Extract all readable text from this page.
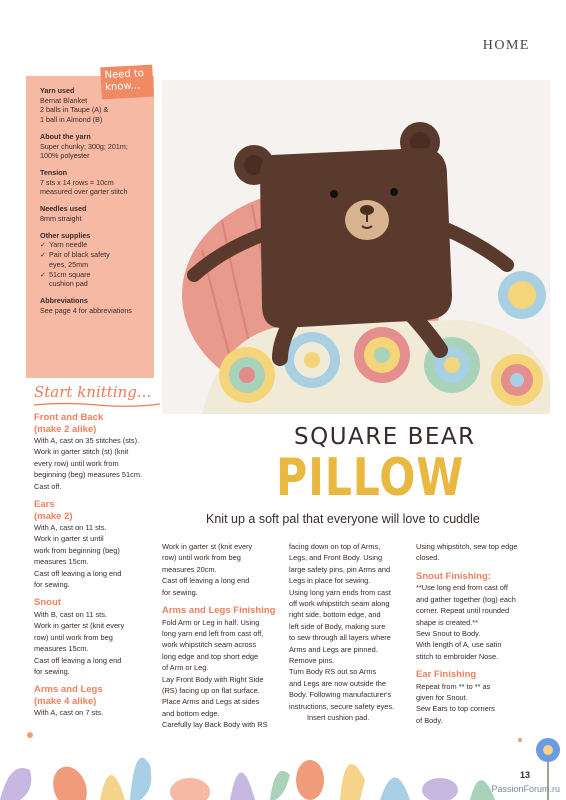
HOME
Yarn used

Bernat Blanket
2 balls in Taupe (A) &
1 ball in Almond (B)

About the yarn

Super chunky; 300g; 201m;
100% polyester

Tension

7 sts x 14 rows = 10cm
measured over garter stitch

Needles used

8mm straight

Other supplies
✓ Yarn needle
✓ Pair of black safety
eyes, 25mm
✓ 51cm square
cushion pad
Abbreviations

See page 4 for abbreviations

Need to know...
SQUARE BEAR
PILLOW
Knit up a soft pal that everyone will love to cuddle
Start knitting...

Front and Back
(make 2 alike)

With A, cast on 35 stitches (sts).
Work in garter stitch (st) (knit
every row) until work from
beginning (beg) measures 51cm.
Cast off.

Ears
(make 2)

With A, cast on 11 sts.
Work in garter st until
work from beginning (beg)
measures 15cm.
Cast off leaving a long end
for sewing.

Snout

With B, cast on 11 sts.
Work in garter st (knit every
row) until work from beg
measures 15cm.
Cast off leaving a long end
for sewing.

Arms and Legs
(make 4 alike)

With A, cast on 7 sts.

Work in garter st (knit every
row) until work from beg
measures 20cm.
Cast off leaving a long end
for sewing.

Arms and Legs Finishing

Fold Arm or Leg in half. Using
long yarn end left from cast off,
work whipstitch seam across
long edge and top short edge
of Arm or Leg.
Lay Front Body with Right Side
(RS) facing up on flat surface.
Place Arms and Legs at sides
and bottom edge.
Carefully lay Back Body with RS

facing down on top of Arms,
Legs, and Front Body. Using
large safety pins, pin Arms and
Legs in place for sewing.
Using long yarn ends from cast
off work whipstitch seam along
right side, bottom edge, and
left side of Body, making sure
to sew through all layers where
Arms and Legs are pinned.
Remove pins.
Turn Body RS out so Arms
and Legs are now outside the
Body. Following manufacturer's
instructions, secure safety eyes.

Insert cushion pad.

Using whipstitch, sew top edge
closed.

Snout Finishing:

**Use long end from cast off
and gather together (tog) each
corner. Repeat until rounded
shape is created.**
Sew Snout to Body.
With length of A, use satin
stitch to embroider Nose.

Ear Finishing

Repeat from ** to ** as
given for Snout.
Sew Ears to top corners
of Body.

13
PassionForum.ru
